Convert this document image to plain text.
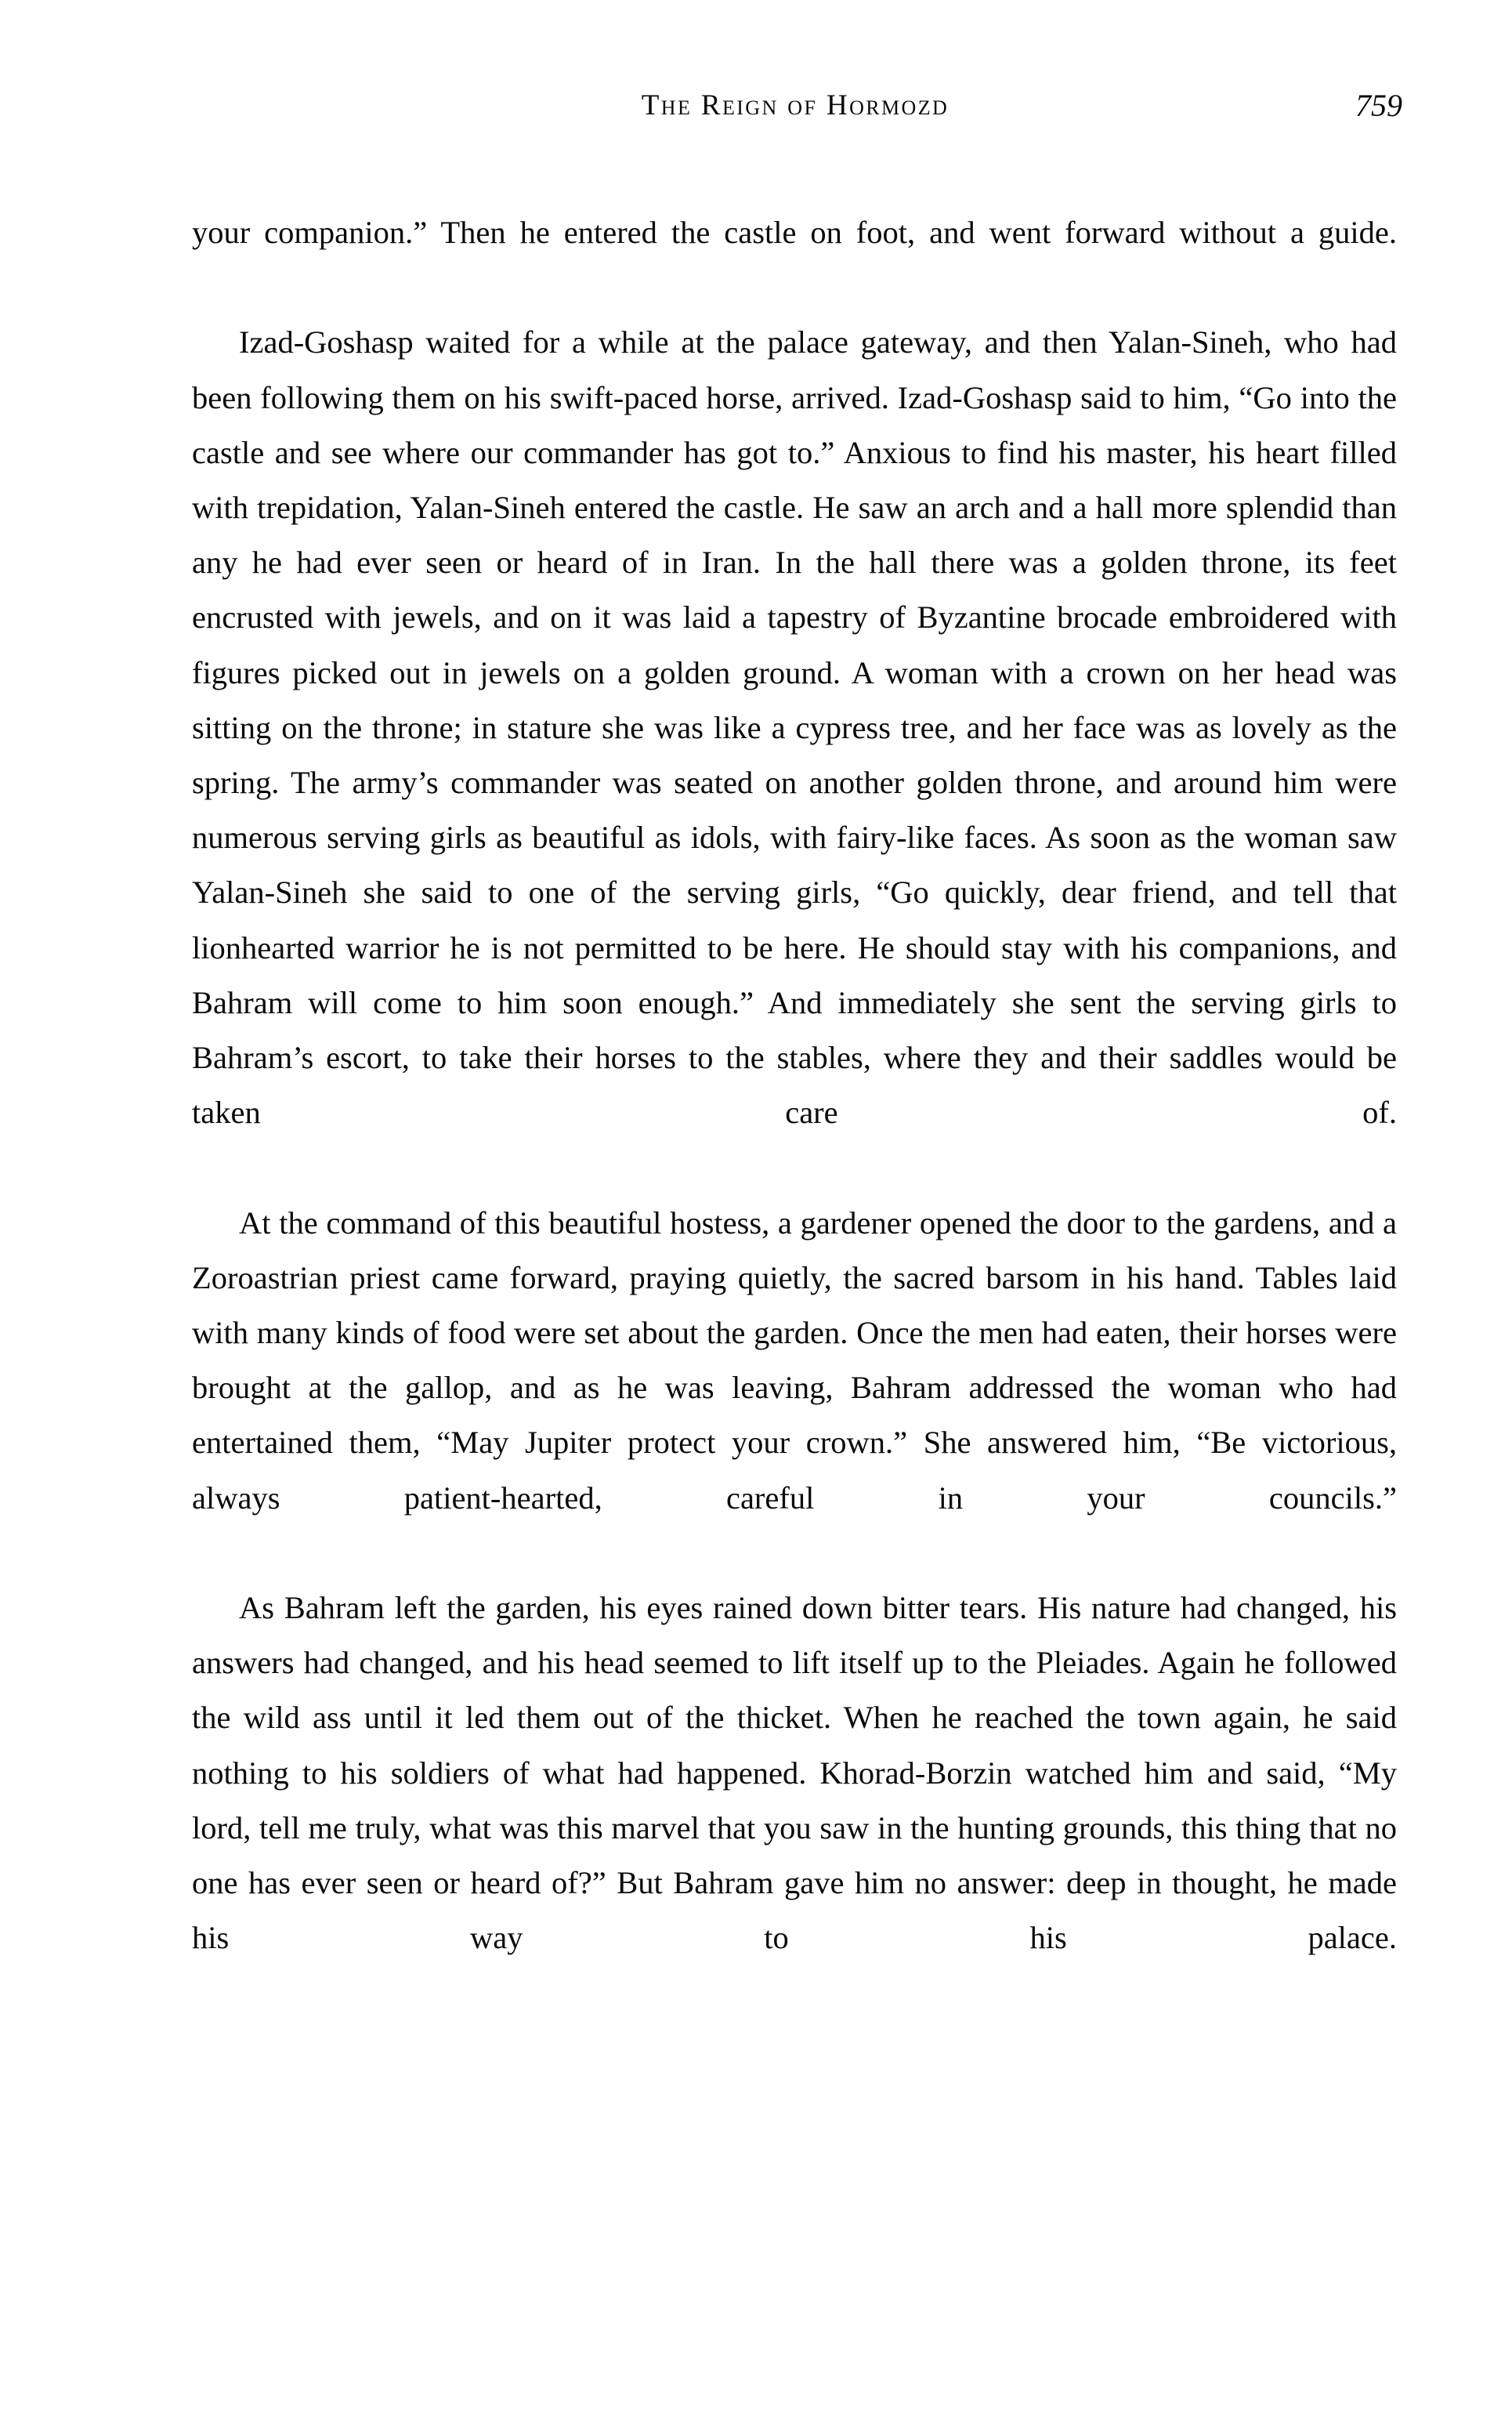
The Reign of Hormozd	759

your companion.” Then he entered the castle on foot, and went forward without a guide.

Izad-Goshasp waited for a while at the palace gateway, and then Yalan-Sineh, who had been following them on his swift-paced horse, arrived. Izad-Goshasp said to him, “Go into the castle and see where our commander has got to.” Anxious to find his master, his heart filled with trepidation, Yalan-Sineh entered the castle. He saw an arch and a hall more splendid than any he had ever seen or heard of in Iran. In the hall there was a golden throne, its feet encrusted with jewels, and on it was laid a tapestry of Byzantine brocade embroidered with figures picked out in jewels on a golden ground. A woman with a crown on her head was sitting on the throne; in stature she was like a cypress tree, and her face was as lovely as the spring. The army’s commander was seated on another golden throne, and around him were numerous serving girls as beautiful as idols, with fairy-like faces. As soon as the woman saw Yalan-Sineh she said to one of the serving girls, “Go quickly, dear friend, and tell that lionhearted warrior he is not permitted to be here. He should stay with his companions, and Bahram will come to him soon enough.” And immediately she sent the serving girls to Bahram’s escort, to take their horses to the stables, where they and their saddles would be taken care of.

At the command of this beautiful hostess, a gardener opened the door to the gardens, and a Zoroastrian priest came forward, praying quietly, the sacred barsom in his hand. Tables laid with many kinds of food were set about the garden. Once the men had eaten, their horses were brought at the gallop, and as he was leaving, Bahram addressed the woman who had entertained them, “May Jupiter protect your crown.” She answered him, “Be victorious, always patient-hearted, careful in your councils.”

As Bahram left the garden, his eyes rained down bitter tears. His nature had changed, his answers had changed, and his head seemed to lift itself up to the Pleiades. Again he followed the wild ass until it led them out of the thicket. When he reached the town again, he said nothing to his soldiers of what had happened. Khorad-Borzin watched him and said, “My lord, tell me truly, what was this marvel that you saw in the hunting grounds, this thing that no one has ever seen or heard of?” But Bahram gave him no answer: deep in thought, he made his way to his palace.
